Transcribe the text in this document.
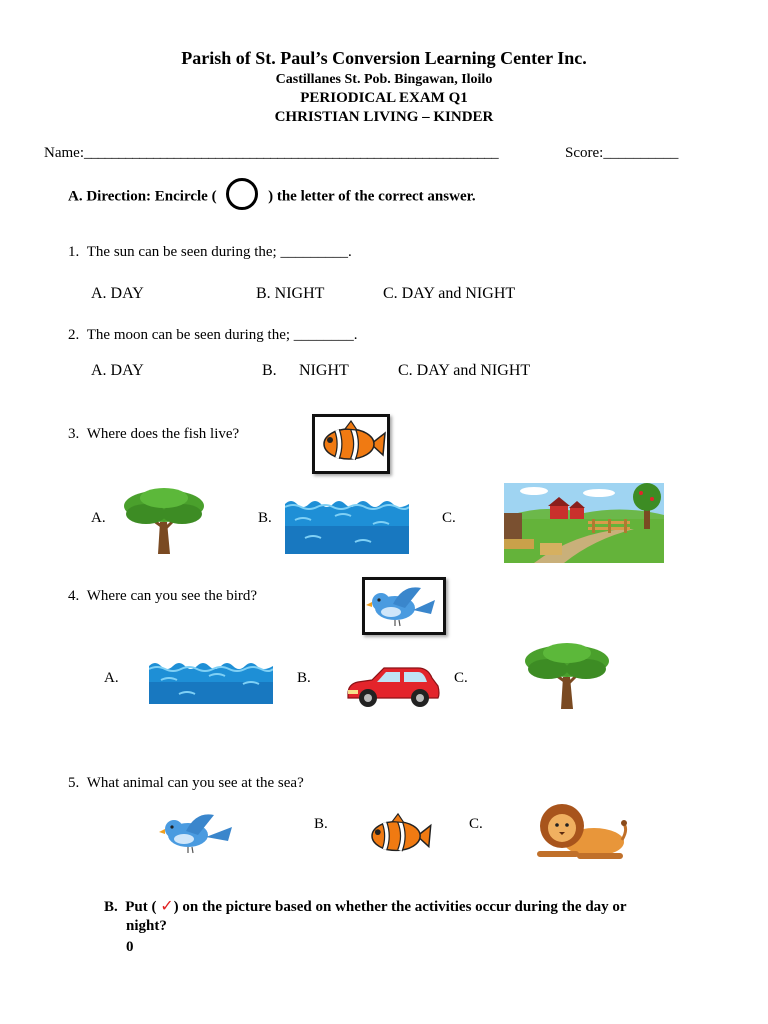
Parish of St. Paul’s Conversion Learning Center Inc.
Castillanes St. Pob. Bingawan, Iloilo
PERIODICAL EXAM Q1
CHRISTIAN LIVING – KINDER
Name:____________________________________________________________	Score:__________
A. Direction: Encircle (	) the letter of the correct answer.
1. The sun can be seen during the; _________.
A. DAY	B. NIGHT	C. DAY and NIGHT
2. The moon can be seen during the; ________.
A. DAY	B. NIGHT	C. DAY and NIGHT
3. Where does the fish live?
A.	B.	C.
4. Where can you see the bird?
A.	B.	C.
5. What animal can you see at the sea?
B.	C.
B. Put ( ✓) on the picture based on whether the activities occur during the day or
night?
0
